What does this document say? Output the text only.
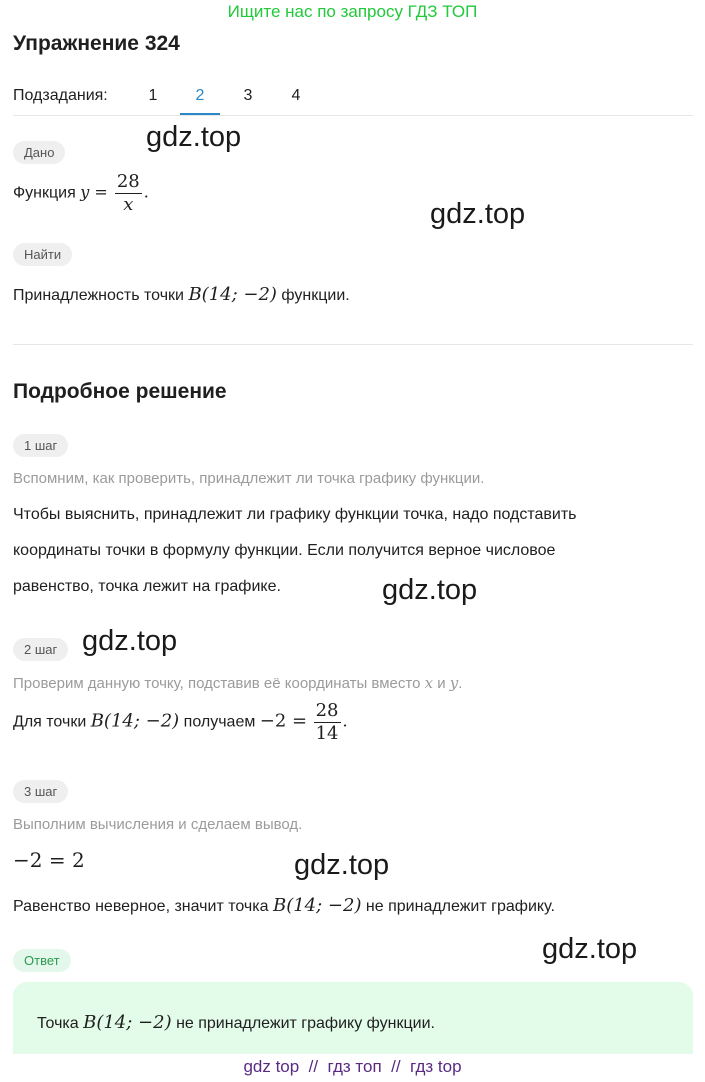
Ищите нас по запросу ГДЗ ТОП
Упражнение 324
Подзадания:	1	2	3	4
Дано
Функция $y = \frac{28}{x}$ .
Найти
Принадлежность точки B(14; −2) функции.
Подробное решение
1 шаг
Вспомним, как проверить, принадлежит ли точка графику функции.
Чтобы выяснить, принадлежит ли графику функции точка, надо подставить
координаты точки в формулу функции. Если получится верное числовое
равенство, точка лежит на графике.
2 шаг
Проверим данную точку, подставив её координаты вместо x и y.
Для точки B(14; −2) получаем $-2 = \frac{28}{14}$ .
3 шаг
Выполним вычисления и сделаем вывод.
−2 = 2
Равенство неверное, значит точка B(14; −2) не принадлежит графику.
Ответ
Точка B(14; −2) не принадлежит графику функции.
gdz.top
gdz.top
gdz.top
gdz.top
gdz.top
gdz.top
gdz top  //  гдз топ  //  гдз top
